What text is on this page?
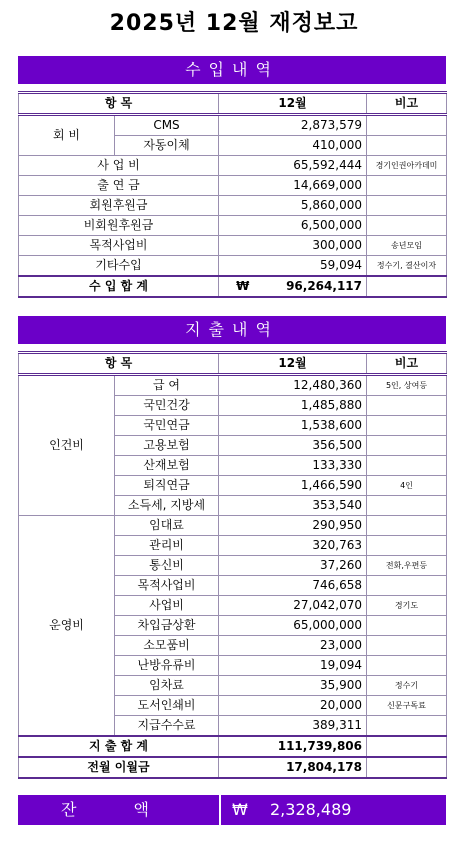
2025년 12월 재정보고
수입내역
항 목		12월	비고
회 비	CMS	2,873,579	
	자동이체	410,000	
사 업 비		65,592,444	경기인권아카데미
출 연 금		14,669,000	
회원후원금		5,860,000	
비회원후원금		6,500,000	
목적사업비		300,000	송년모임
기타수입		59,094	정수기, 결산이자
수 입 합 계		₩ 96,264,117	
지출내역
항 목		12월	비고
인건비	급 여	12,480,360	5인, 상여등
	국민건강	1,485,880	
	국민연금	1,538,600	
	고용보험	356,500	
	산재보험	133,330	
	퇴직연금	1,466,590	4인
	소득세, 지방세	353,540	
운영비	임대료	290,950	
	관리비	320,763	
	통신비	37,260	전화,우편등
	목적사업비	746,658	
	사업비	27,042,070	경기도
	차입금상환	65,000,000	
	소모품비	23,000	
	난방유류비	19,094	
	임차료	35,900	정수기
	도서인쇄비	20,000	신문구독료
	지급수수료	389,311	
지 출 합 계		111,739,806	
전월 이월금		17,804,178	
잔 액	₩ 2,328,489
